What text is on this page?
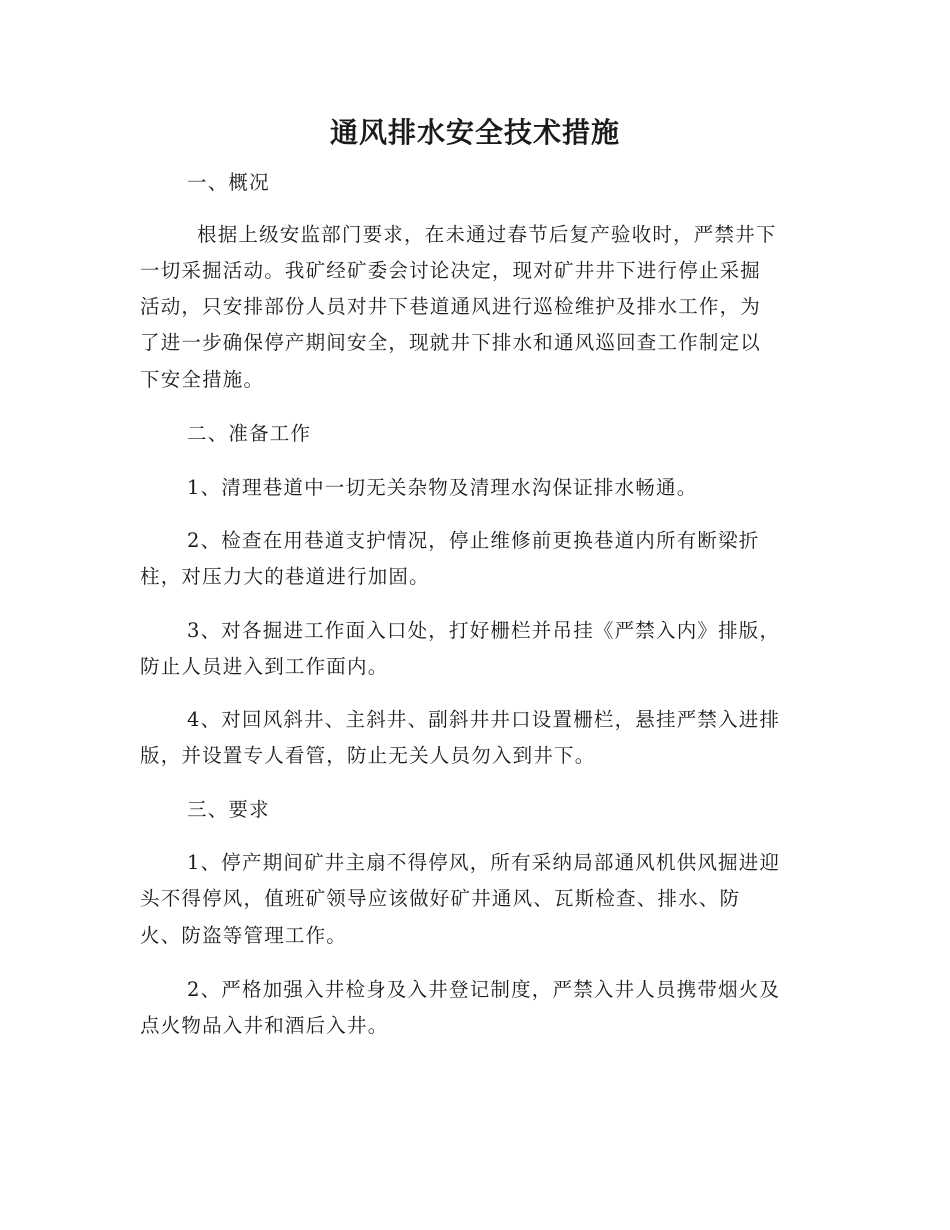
通风排水安全技术措施
一、概况
根据上级安监部门要求，在未通过春节后复产验收时，严禁井下
一切采掘活动。我矿经矿委会讨论决定，现对矿井井下进行停止采掘
活动，只安排部份人员对井下巷道通风进行巡检维护及排水工作，为
了进一步确保停产期间安全，现就井下排水和通风巡回查工作制定以
下安全措施。
二、准备工作
1、清理巷道中一切无关杂物及清理水沟保证排水畅通。
2、检查在用巷道支护情况，停止维修前更换巷道内所有断梁折
柱，对压力大的巷道进行加固。
3、对各掘进工作面入口处，打好栅栏并吊挂《严禁入内》排版，
防止人员进入到工作面内。
4、对回风斜井、主斜井、副斜井井口设置栅栏，悬挂严禁入进排
版，并设置专人看管，防止无关人员勿入到井下。
三、要求
1、停产期间矿井主扇不得停风，所有采纳局部通风机供风掘进迎
头不得停风，值班矿领导应该做好矿井通风、瓦斯检查、排水、防
火、防盗等管理工作。
2、严格加强入井检身及入井登记制度，严禁入井人员携带烟火及
点火物品入井和酒后入井。
